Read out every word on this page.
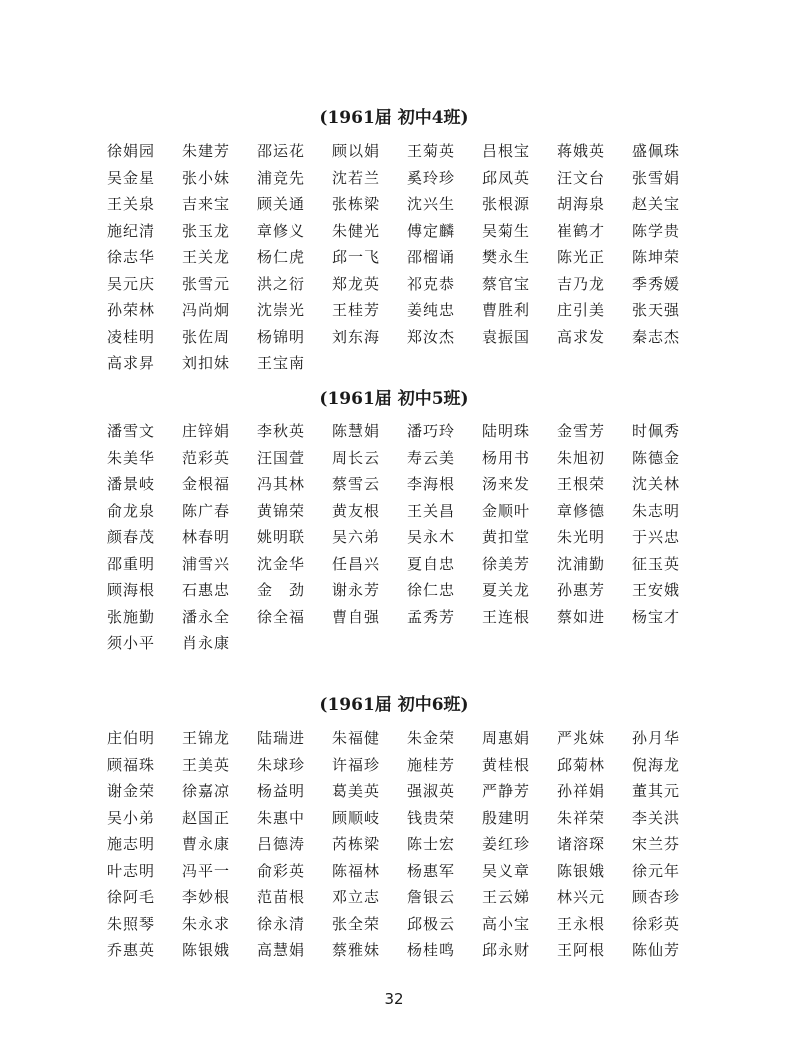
(1961届 初中4班)
徐娟园	朱建芳	邵运花	顾以娟	王菊英	吕根宝	蒋娥英	盛佩珠
吴金星	张小妹	浦竞先	沈若兰	奚玲珍	邱凤英	汪文台	张雪娟
王关泉	吉来宝	顾关通	张栋梁	沈兴生	张根源	胡海泉	赵关宝
施纪清	张玉龙	章修义	朱健光	傅定麟	吴菊生	崔鹤才	陈学贵
徐志华	王关龙	杨仁虎	邱一飞	邵榴诵	樊永生	陈光正	陈坤荣
吴元庆	张雪元	洪之衍	郑龙英	祁克恭	蔡官宝	吉乃龙	季秀媛
孙荣林	冯尚炯	沈崇光	王桂芳	姜纯忠	曹胜利	庄引美	张天强
凌桂明	张佐周	杨锦明	刘东海	郑汝杰	袁振国	高求发	秦志杰
高求昇	刘扣妹	王宝南
(1961届 初中5班)
潘雪文	庄锌娟	李秋英	陈慧娟	潘巧玲	陆明珠	金雪芳	时佩秀
朱美华	范彩英	汪国萱	周长云	寿云美	杨用书	朱旭初	陈德金
潘景岐	金根福	冯其林	蔡雪云	李海根	汤来发	王根荣	沈关林
俞龙泉	陈广春	黄锦荣	黄友根	王关昌	金顺叶	章修德	朱志明
颜春茂	林春明	姚明联	吴六弟	吴永木	黄扣堂	朱光明	于兴忠
邵重明	浦雪兴	沈金华	任昌兴	夏自忠	徐美芳	沈浦勤	征玉英
顾海根	石惠忠	金　劲	谢永芳	徐仁忠	夏关龙	孙惠芳	王安娥
张施勤	潘永全	徐全福	曹自强	孟秀芳	王连根	蔡如进	杨宝才
须小平	肖永康
(1961届 初中6班)
庄伯明	王锦龙	陆瑞进	朱福健	朱金荣	周惠娟	严兆妹	孙月华
顾福珠	王美英	朱球珍	许福珍	施桂芳	黄桂根	邱菊林	倪海龙
谢金荣	徐嘉凉	杨益明	葛美英	强淑英	严静芳	孙祥娟	董其元
吴小弟	赵国正	朱惠中	顾顺岐	钱贵荣	殷建明	朱祥荣	李关洪
施志明	曹永康	吕德涛	芮栋梁	陈士宏	姜红珍	诸溶琛	宋兰芬
叶志明	冯平一	俞彩英	陈福林	杨惠军	吴义章	陈银娥	徐元年
徐阿毛	李妙根	范苗根	邓立志	詹银云	王云娣	林兴元	顾杏珍
朱照琴	朱永求	徐永清	张全荣	邱极云	高小宝	王永根	徐彩英
乔惠英	陈银娥	高慧娟	蔡雅妹	杨桂鸣	邱永财	王阿根	陈仙芳
32
